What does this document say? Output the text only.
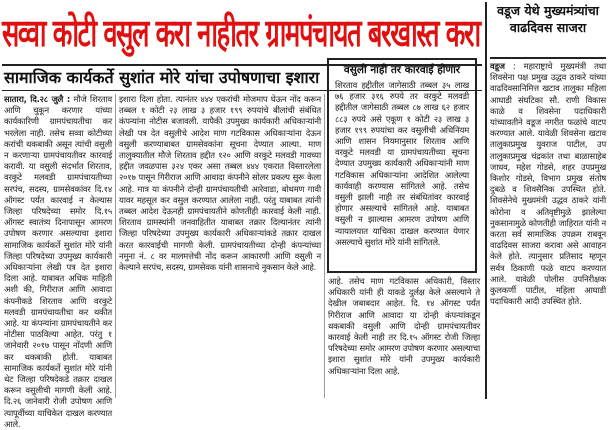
सव्वा कोटी वसुल करा नाहीतर ग्रामपंचायत बरखास्त करा
सामाजिक कार्यकर्ते सुशांत मोरे यांचा उपोषणाचा इशारा

सातारा, दि.२८ जुलै : मौजे शिरताव आणि चुकून करणार यांच्या कार्यकारिणी ग्रामपंचायतीचा कर भरलेला नाही. तसेच सव्वा कोटीच्या करांची थकबाकी असून त्यांची वसुली न करणाऱ्या ग्रामपंचायतीवर कारवाई करावी. या वसुली संदर्भात शिरताव, वरकुटे मलवडी ग्रामपंचायतीच्या सरपंच, सदस्य, ग्रामसेवकांवर दि.१४ ऑगस्ट पर्यंत कारवाई न केल्यास जिल्हा परिषदेच्या समोर दि.१५ ऑगस्ट स्वातंत्र्य दिनापासून आमरण उपोषण करणार असल्याचा इशारा सामाजिक कार्यकर्ते सुशांत मोरे यांनी जिल्हा परिषदेच्या उपमुख्य कार्यकारी अधिकाऱ्यांना लेखी पत्र देत इशारा दिला आहे. याबाबत अधिक माहिती अशी की, गिरीराज आणि आवादा कंपनीकडे शिरताव आणि वरकुटे मलवडी ग्रामपंचायतीचा कर थकीत आहे. या कंपन्यांना ग्रामपंचायतीने कर नोटीसा पाठविल्या आहेत. परंतु १ जानेवारी २०१७ पासून नोंदणी आणि कर थकबाकी होती. याबाबत सामाजिक कार्यकर्ते सुशांत मोरे यांनी थेट जिल्हा परिषदेकडे तक्रार दाखल करून वसुलीची मागणी केली आहे. दि.२६ जानेवारी रोजी उपोषण आणि त्यापूर्वीच्या याचिकेत दाखल करण्यात आले.

इशारा दिला होता. त्यानंतर ४४४ एकरांची मोजमाप घेऊन नोंद करून तब्बल १ कोटी २३ लाख ३ हजार १९९ रुपयांचे बीलांची संबंधित कंपन्यांना नोटीस बजावली. यापैकी उपमुख्य कार्यकारी अधिकाऱ्यांनी लेखी पत्र देत वसुलीचे आदेश माण गटविकास अधिकाऱ्यांना देऊन वसुली करण्याबाबत ग्रामसेवकांना सूचना देण्यात आल्या. माण तालुक्यातील मौजे शिरताव हद्दीत १२० आणि वरकुटे मलवडी गावच्या हद्दीत जवळपास ३२४ एकर असा तब्बल ४४४ एकरात विस्तारलेला २०१७ पासून गिरीराज आणि आवादा कंपनीने सोलर प्रकल्प सुरू केला आहे. मात्र या कंपनीने दोन्ही ग्रामपंचायतीची आरेवाडा, बोथमण गावी यावर महसूल कर वसुल करण्यात आलेला नाही. परंतु याबाबत त्यांनी तब्बल आदेश देऊनही ग्रामपंचायतीने कोणतीही कारवाई केली नाही. शिरताव ग्रामस्थांनी जनवाहितीत याबाबत तक्रार दिल्यानंतर त्यांनी जिल्हा परिषदेच्या उपमुख्य कार्यकारी अधिकाऱ्यांकडे तक्रार दाखल करत कारवाईची मागणी केली. ग्रामपंचायतीच्या दोन्ही कंपन्यांच्या नमुना नं. ८ वर मालमत्तेची नोंद करून आकारणी आणि वसुली न केल्याने सरपंच, सदस्य, ग्रामसेवक यांनी शासनाचे नुकसान केले आहे.

वसुली नाही तर कारवाई होणार

शिरताव हद्दीतील जागेसाठी तब्बल ३५ लाख ७६ हजार ३१६ रुपये तर वरकुटे मलवडी हद्दीतील जागेसाठी तब्बल ८७ लाख ६२ हजार ८८३ रुपये असे एकूण १ कोटी २३ लाख ३ हजार १९९ रुपयांचा कर वसुलीची अधिनियम आणि शासन नियमानुसार शिरताव आणि वरकुटे मलवडी या ग्रामपंचायतीच्या सूचना देण्यात उपमुख्य कार्यकारी अधिकाऱ्यांनी माण गटविकास अधिकाऱ्यांना आदेशित आलेल्या कार्यवाही करण्यास सांगितले आहे. तसेच वसुली झाली नाही तर संबंधितांवर कारवाई होणार असल्याचे सांगितले आहे. याबाबत वसुली न झाल्यास आमरण उपोषण आणि न्यायालयात याचिका दाखल करण्यात येणार असल्याचे सुशांत मोरे यांनी सांगितले.

आहे. तसेच माण गटविकास अधिकारी, विस्तार अधिकारी यांनी ही याकडे दुर्लक्ष केले असल्याने ते देखील जबाबदार आहेत. दि. १४ ऑगस्ट पर्यंत गिरीराज आणि आवादा या दोन्ही कंपन्यांकडून थकबाकी वसुली आणि दोन्ही ग्रामपंचायतीवर कारवाई केली नाही तर दि.१५ ऑगस्ट रोजी जिल्हा परिषदेच्या समोर आमरण उपोषण करणार असल्याचा इशारा सुशांत मोरे यांनी उपमुख्य कार्यकारी अधिकाऱ्यांना दिला आहे.

वडूज येथे मुख्यमंत्र्यांचा वाढदिवस साजरा

वडूज : महाराष्ट्राचे मुख्यमंत्री तथा शिवसेना पक्ष प्रमुख उद्धव ठाकरे यांच्या वाढदिवसानिमित्त खटाव तालुका महिला आघाडी संघटिका सौ. राणी विकास काळे व शिवसेना पदाधिकारी यांच्यावतीने वडूज नगरीत फळांचे वाटप करण्यात आले. यावेळी शिवसेना खटाव तालुकाप्रमुख युवराज पाटील, उप तालुकाप्रमुख चंद्रकांत तथा बाळासाहेब जाधव, महेश गोडसे, शहर उपप्रमुख किशोर गोडसे, विभाग प्रमुख संतोष दुबळे व शिवसैनिक उपस्थित होते. शिवसेनेचे मुख्यमंत्री उद्धव ठाकरे यांनी कोरोना व अतिवृष्टीमुळे झालेल्या नुकसानामुळे कोणतीही जाहिरात यांनी न करता सर्व सामाजिक उपक्रम राबवून वाढदिवस साजरा करावा असे आवाहन केले होते. त्यानुसार प्रतिसाद म्हणून सर्वत्र ठिकाणी फळे वाटप करण्यात आले. यावेळी पोलीस उपनिरीक्षक कुलकर्णी पाटील, महिला आघाडी पदाधिकारी आदी उपस्थित होते.
